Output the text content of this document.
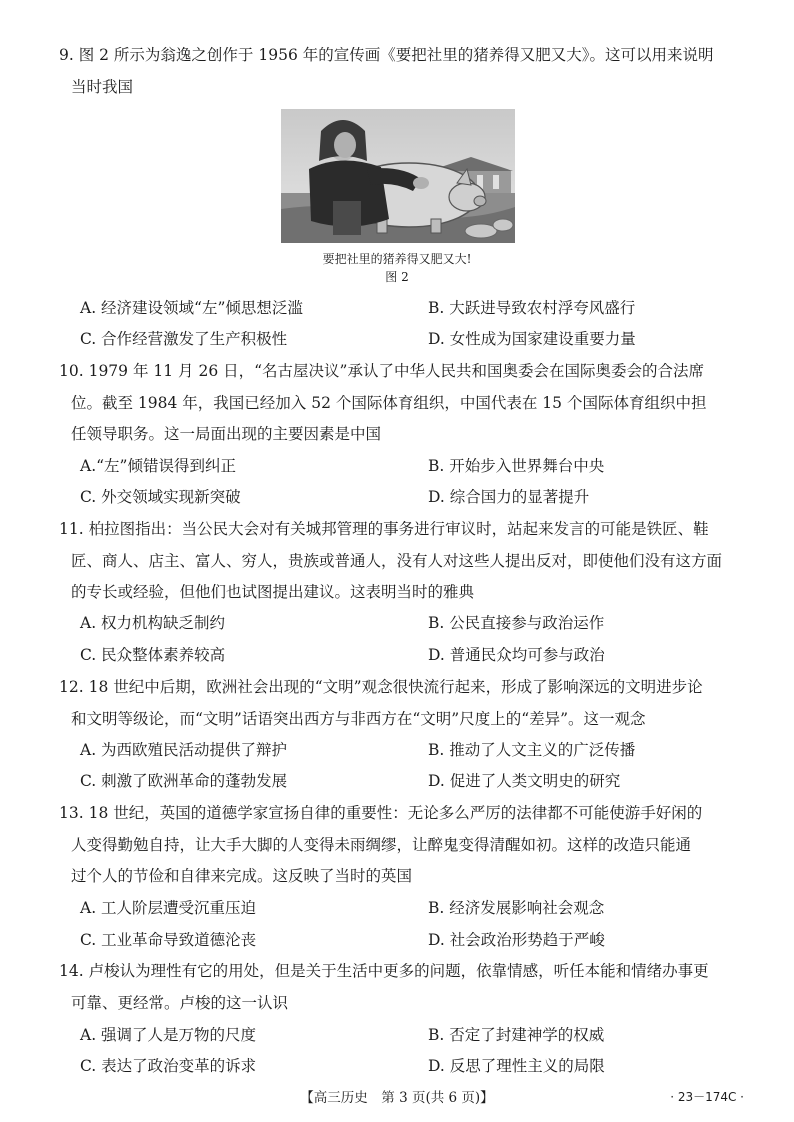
9. 图 2 所示为翁逸之创作于 1956 年的宣传画《要把社里的猪养得又肥又大》。这可以用来说明
当时我国
要把社里的猪养得又肥又大!
图 2
A. 经济建设领域“左”倾思想泛滥	B. 大跃进导致农村浮夸风盛行
C. 合作经营激发了生产积极性	D. 女性成为国家建设重要力量
10. 1979 年 11 月 26 日，“名古屋决议”承认了中华人民共和国奥委会在国际奥委会的合法席
位。截至 1984 年，我国已经加入 52 个国际体育组织，中国代表在 15 个国际体育组织中担
任领导职务。这一局面出现的主要因素是中国
A.“左”倾错误得到纠正	B. 开始步入世界舞台中央
C. 外交领域实现新突破	D. 综合国力的显著提升
11. 柏拉图指出：当公民大会对有关城邦管理的事务进行审议时，站起来发言的可能是铁匠、鞋
匠、商人、店主、富人、穷人，贵族或普通人，没有人对这些人提出反对，即使他们没有这方面
的专长或经验，但他们也试图提出建议。这表明当时的雅典
A. 权力机构缺乏制约	B. 公民直接参与政治运作
C. 民众整体素养较高	D. 普通民众均可参与政治
12. 18 世纪中后期，欧洲社会出现的“文明”观念很快流行起来，形成了影响深远的文明进步论
和文明等级论，而“文明”话语突出西方与非西方在“文明”尺度上的“差异”。这一观念
A. 为西欧殖民活动提供了辩护	B. 推动了人文主义的广泛传播
C. 刺激了欧洲革命的蓬勃发展	D. 促进了人类文明史的研究
13. 18 世纪，英国的道德学家宣扬自律的重要性：无论多么严厉的法律都不可能使游手好闲的
人变得勤勉自持，让大手大脚的人变得未雨绸缪，让醉鬼变得清醒如初。这样的改造只能通
过个人的节俭和自律来完成。这反映了当时的英国
A. 工人阶层遭受沉重压迫	B. 经济发展影响社会观念
C. 工业革命导致道德沦丧	D. 社会政治形势趋于严峻
14. 卢梭认为理性有它的用处，但是关于生活中更多的问题，依靠情感，听任本能和情绪办事更
可靠、更经常。卢梭的这一认识
A. 强调了人是万物的尺度	B. 否定了封建神学的权威
C. 表达了政治变革的诉求	D. 反思了理性主义的局限
【高三历史　第 3 页(共 6 页)】	· 23－174C ·
